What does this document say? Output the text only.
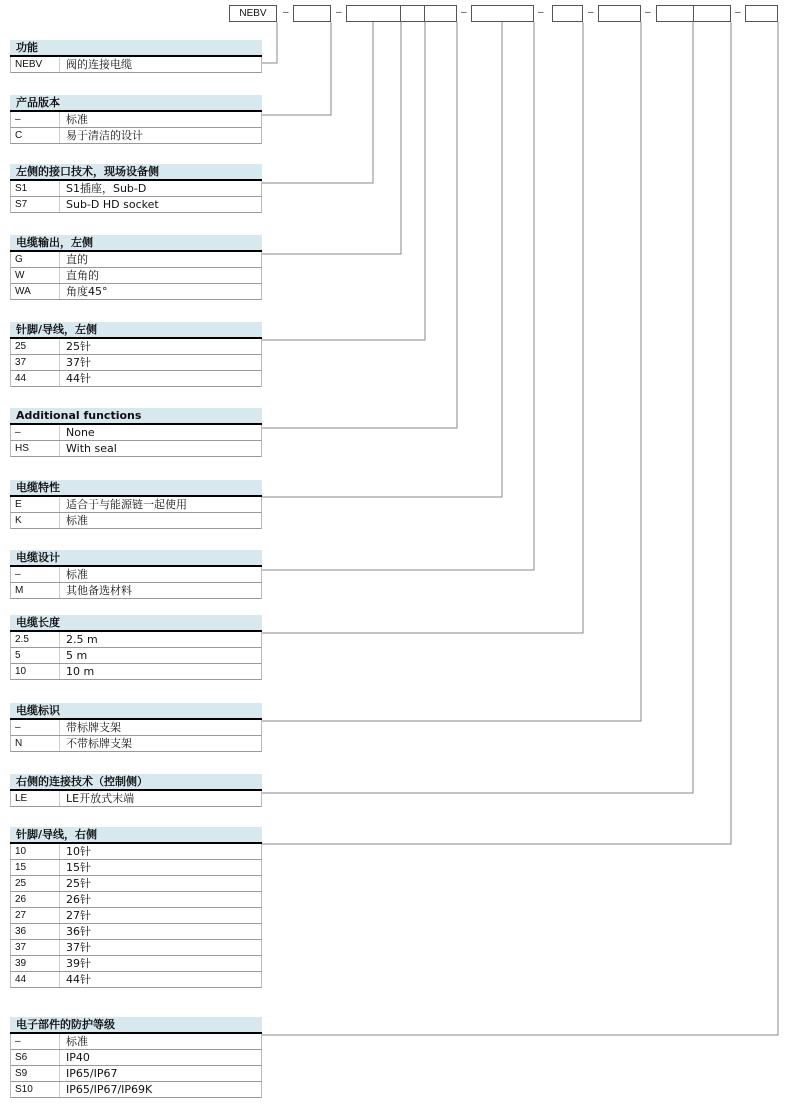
NEBV	–	–	–	–	–	–	–
功能
NEBV 阀的连接电缆
产品版本
–	标准
C	易于清洁的设计
左侧的接口技术，现场设备侧
S1	S1插座，Sub-D
S7	Sub-D HD socket
电缆输出，左侧
G	直的
W	直角的
WA	角度45°
针脚/导线，左侧
25	25针
37	37针
44	44针
Additional functions
–	None
HS	With seal
电缆特性
E	适合于与能源链一起使用
K	标准
电缆设计
–	标准
M	其他备选材料
电缆长度
2.5	2.5 m
5	5 m
10	10 m
电缆标识
–	带标牌支架
N	不带标牌支架
右侧的连接技术（控制侧）
LE	LE开放式末端
针脚/导线，右侧
10	10针
15	15针
25	25针
26	26针
27	27针
36	36针
37	37针
39	39针
44	44针
电子部件的防护等级
–	标准
S6	IP40
S9	IP65/IP67
S10	IP65/IP67/IP69K
